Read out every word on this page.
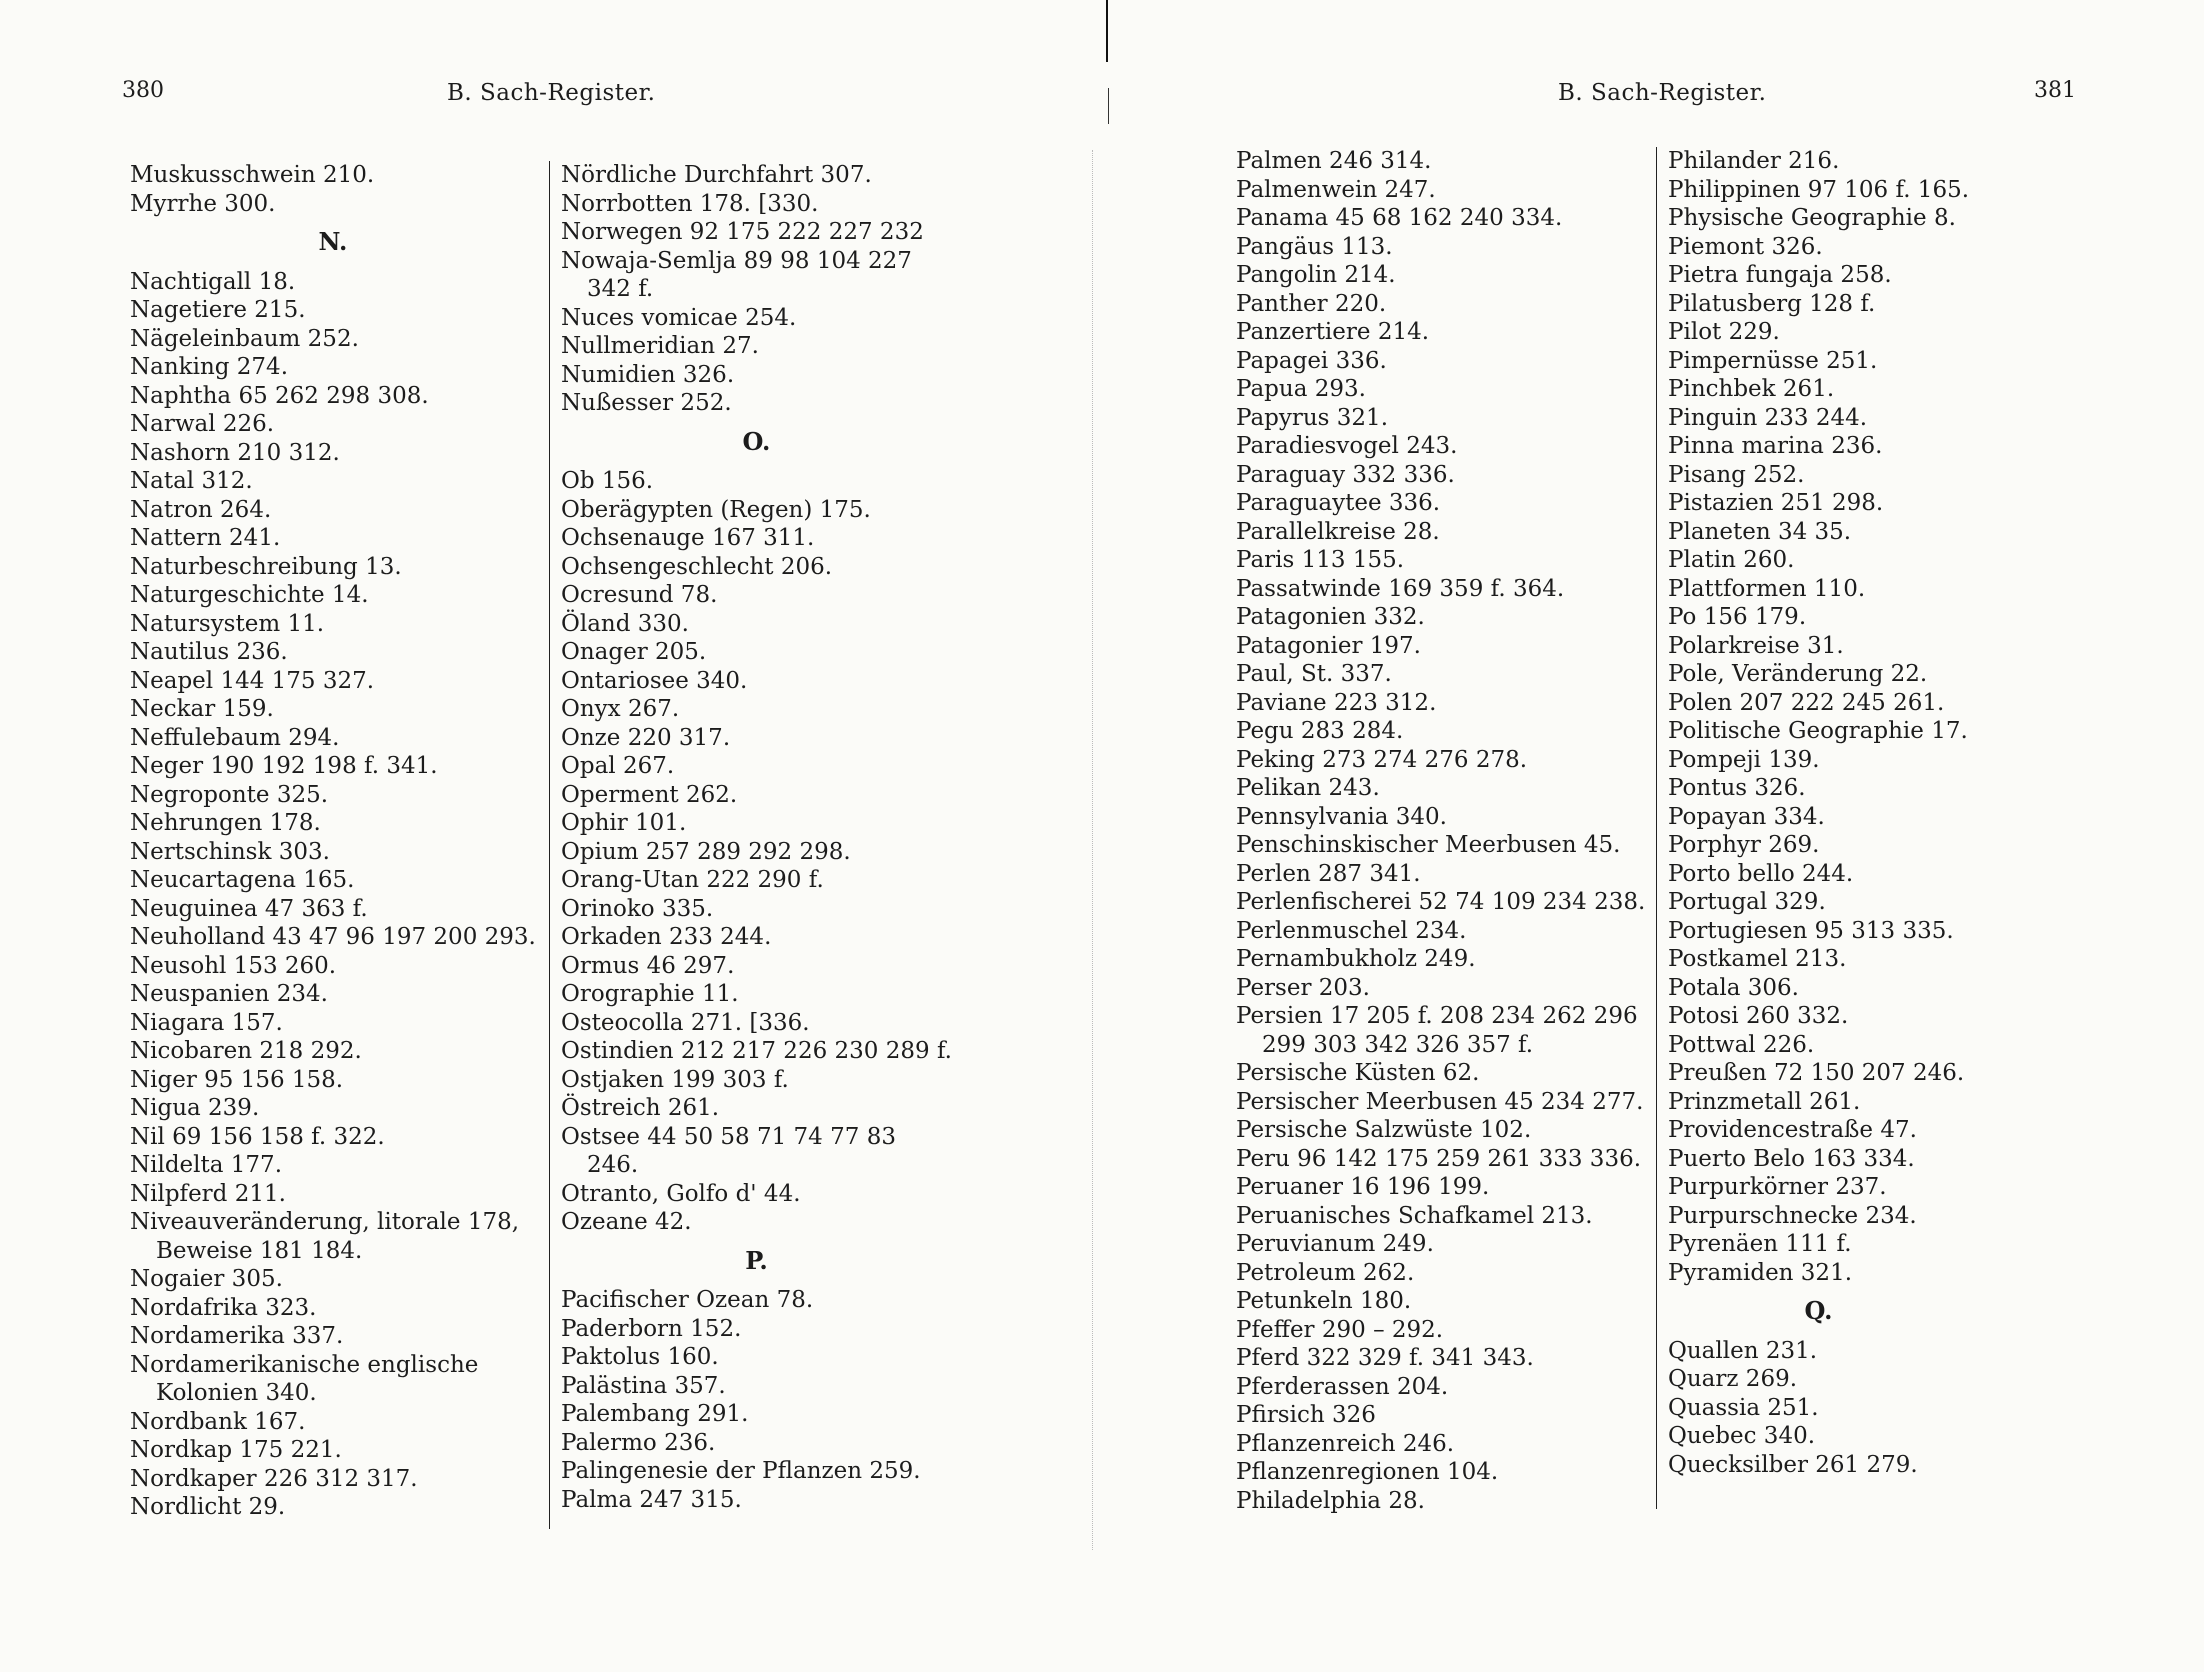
380	B. Sach-Register.
Muskusschwein 210.
Myrrhe 300.
N.
Nachtigall 18.
Nagetiere 215.
Nägeleinbaum 252.
Nanking 274.
Naphtha 65 262 298 308.
Narwal 226.
Nashorn 210 312.
Natal 312.
Natron 264.
Nattern 241.
Naturbeschreibung 13.
Naturgeschichte 14.
Natursystem 11.
Nautilus 236.
Neapel 144 175 327.
Neckar 159.
Neffulebaum 294.
Neger 190 192 198 f. 341.
Negroponte 325.
Nehrungen 178.
Nertschinsk 303.
Neucartagena 165.
Neuguinea 47 363 f.
Neuholland 43 47 96 197 200 293.
Neusohl 153 260.
Neuspanien 234.
Niagara 157.
Nicobaren 218 292.
Niger 95 156 158.
Nigua 239.
Nil 69 156 158 f. 322.
Nildelta 177.
Nilpferd 211.
Niveauveränderung, litorale 178,
Beweise 181 184.
Nogaier 305.
Nordafrika 323.
Nordamerika 337.
Nordamerikanische englische
Kolonien 340.
Nordbank 167.
Nordkap 175 221.
Nordkaper 226 312 317.
Nordlicht 29.
Nördliche Durchfahrt 307.
Norrbotten 178. [330.
Norwegen 92 175 222 227 232
Nowaja-Semlja 89 98 104 227
342 f.
Nuces vomicae 254.
Nullmeridian 27.
Numidien 326.
Nußesser 252.
O.
Ob 156.
Oberägypten (Regen) 175.
Ochsenauge 167 311.
Ochsengeschlecht 206.
Ocresund 78.
Öland 330.
Onager 205.
Ontariosee 340.
Onyx 267.
Onze 220 317.
Opal 267.
Operment 262.
Ophir 101.
Opium 257 289 292 298.
Orang-Utan 222 290 f.
Orinoko 335.
Orkaden 233 244.
Ormus 46 297.
Orographie 11.
Osteocolla 271. [336.
Ostindien 212 217 226 230 289 f.
Ostjaken 199 303 f.
Östreich 261.
Ostsee 44 50 58 71 74 77 83
246.
Otranto, Golfo d' 44.
Ozeane 42.
P.
Pacifischer Ozean 78.
Paderborn 152.
Paktolus 160.
Palästina 357.
Palembang 291.
Palermo 236.
Palingenesie der Pflanzen 259.
Palma 247 315.
B. Sach-Register.	381
Palmen 246 314.
Palmenwein 247.
Panama 45 68 162 240 334.
Pangäus 113.
Pangolin 214.
Panther 220.
Panzertiere 214.
Papagei 336.
Papua 293.
Papyrus 321.
Paradiesvogel 243.
Paraguay 332 336.
Paraguaytee 336.
Parallelkreise 28.
Paris 113 155.
Passatwinde 169 359 f. 364.
Patagonien 332.
Patagonier 197.
Paul, St. 337.
Paviane 223 312.
Pegu 283 284.
Peking 273 274 276 278.
Pelikan 243.
Pennsylvania 340.
Penschinskischer Meerbusen 45.
Perlen 287 341.
Perlenfischerei 52 74 109 234 238.
Perlenmuschel 234.
Pernambukholz 249.
Perser 203.
Persien 17 205 f. 208 234 262 296
299 303 342 326 357 f.
Persische Küsten 62.
Persischer Meerbusen 45 234 277.
Persische Salzwüste 102.
Peru 96 142 175 259 261 333 336.
Peruaner 16 196 199.
Peruanisches Schafkamel 213.
Peruvianum 249.
Petroleum 262.
Petunkeln 180.
Pfeffer 290 – 292.
Pferd 322 329 f. 341 343.
Pferderassen 204.
Pfirsich 326
Pflanzenreich 246.
Pflanzenregionen 104.
Philadelphia 28.
Philander 216.
Philippinen 97 106 f. 165.
Physische Geographie 8.
Piemont 326.
Pietra fungaja 258.
Pilatusberg 128 f.
Pilot 229.
Pimpernüsse 251.
Pinchbek 261.
Pinguin 233 244.
Pinna marina 236.
Pisang 252.
Pistazien 251 298.
Planeten 34 35.
Platin 260.
Plattformen 110.
Po 156 179.
Polarkreise 31.
Pole, Veränderung 22.
Polen 207 222 245 261.
Politische Geographie 17.
Pompeji 139.
Pontus 326.
Popayan 334.
Porphyr 269.
Porto bello 244.
Portugal 329.
Portugiesen 95 313 335.
Postkamel 213.
Potala 306.
Potosi 260 332.
Pottwal 226.
Preußen 72 150 207 246.
Prinzmetall 261.
Providencestraße 47.
Puerto Belo 163 334.
Purpurkörner 237.
Purpurschnecke 234.
Pyrenäen 111 f.
Pyramiden 321.
Q.
Quallen 231.
Quarz 269.
Quassia 251.
Quebec 340.
Quecksilber 261 279.
